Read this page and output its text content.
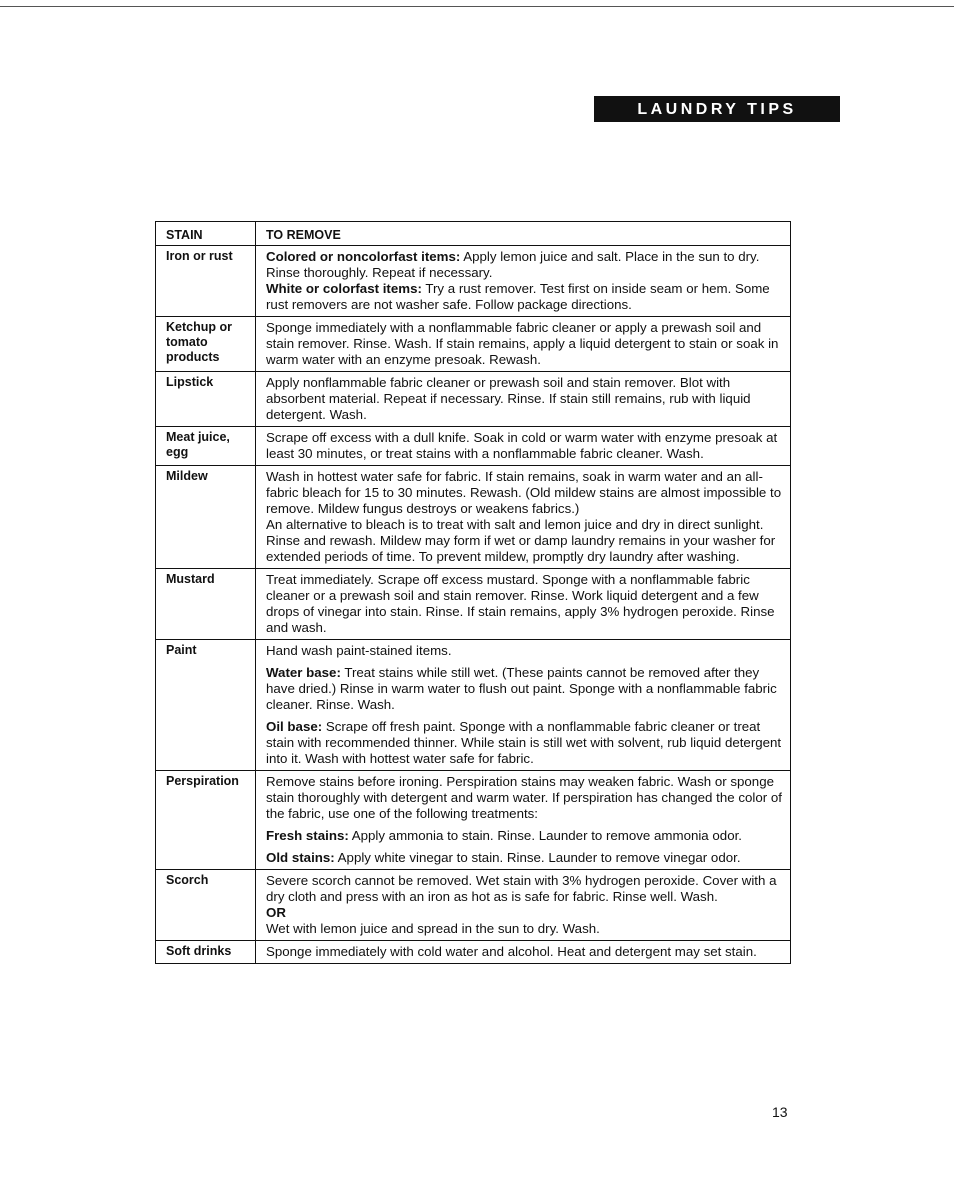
LAUNDRY TIPS
STAIN	TO REMOVE
Iron or rust	Colored or noncolorfast items: Apply lemon juice and salt. Place in the sun to dry. Rinse thoroughly. Repeat if necessary.
White or colorfast items: Try a rust remover. Test first on inside seam or hem. Some rust removers are not washer safe. Follow package directions.

Ketchup or tomato products	Sponge immediately with a nonflammable fabric cleaner or apply a prewash soil and stain remover. Rinse. Wash. If stain remains, apply a liquid detergent to stain or soak in warm water with an enzyme presoak. Rewash.

Lipstick	Apply nonflammable fabric cleaner or prewash soil and stain remover. Blot with absorbent material. Repeat if necessary. Rinse. If stain still remains, rub with liquid detergent. Wash.

Meat juice, egg	Scrape off excess with a dull knife. Soak in cold or warm water with enzyme presoak at least 30 minutes, or treat stains with a nonflammable fabric cleaner. Wash.

Mildew	Wash in hottest water safe for fabric. If stain remains, soak in warm water and an all-fabric bleach for 15 to 30 minutes. Rewash. (Old mildew stains are almost impossible to remove. Mildew fungus destroys or weakens fabrics.)
An alternative to bleach is to treat with salt and lemon juice and dry in direct sunlight. Rinse and rewash. Mildew may form if wet or damp laundry remains in your washer for extended periods of time. To prevent mildew, promptly dry laundry after washing.

Mustard	Treat immediately. Scrape off excess mustard. Sponge with a nonflammable fabric cleaner or a prewash soil and stain remover. Rinse. Work liquid detergent and a few drops of vinegar into stain. Rinse. If stain remains, apply 3% hydrogen peroxide. Rinse and wash.

Paint	Hand wash paint-stained items.
Water base: Treat stains while still wet. (These paints cannot be removed after they have dried.) Rinse in warm water to flush out paint. Sponge with a nonflammable fabric cleaner. Rinse. Wash.
Oil base: Scrape off fresh paint. Sponge with a nonflammable fabric cleaner or treat stain with recommended thinner. While stain is still wet with solvent, rub liquid detergent into it. Wash with hottest water safe for fabric.

Perspiration	Remove stains before ironing. Perspiration stains may weaken fabric. Wash or sponge stain thoroughly with detergent and warm water. If perspiration has changed the color of the fabric, use one of the following treatments:
Fresh stains: Apply ammonia to stain. Rinse. Launder to remove ammonia odor.
Old stains: Apply white vinegar to stain. Rinse. Launder to remove vinegar odor.

Scorch	Severe scorch cannot be removed. Wet stain with 3% hydrogen peroxide. Cover with a dry cloth and press with an iron as hot as is safe for fabric. Rinse well. Wash.
OR
Wet with lemon juice and spread in the sun to dry. Wash.

Soft drinks	Sponge immediately with cold water and alcohol. Heat and detergent may set stain.
13
